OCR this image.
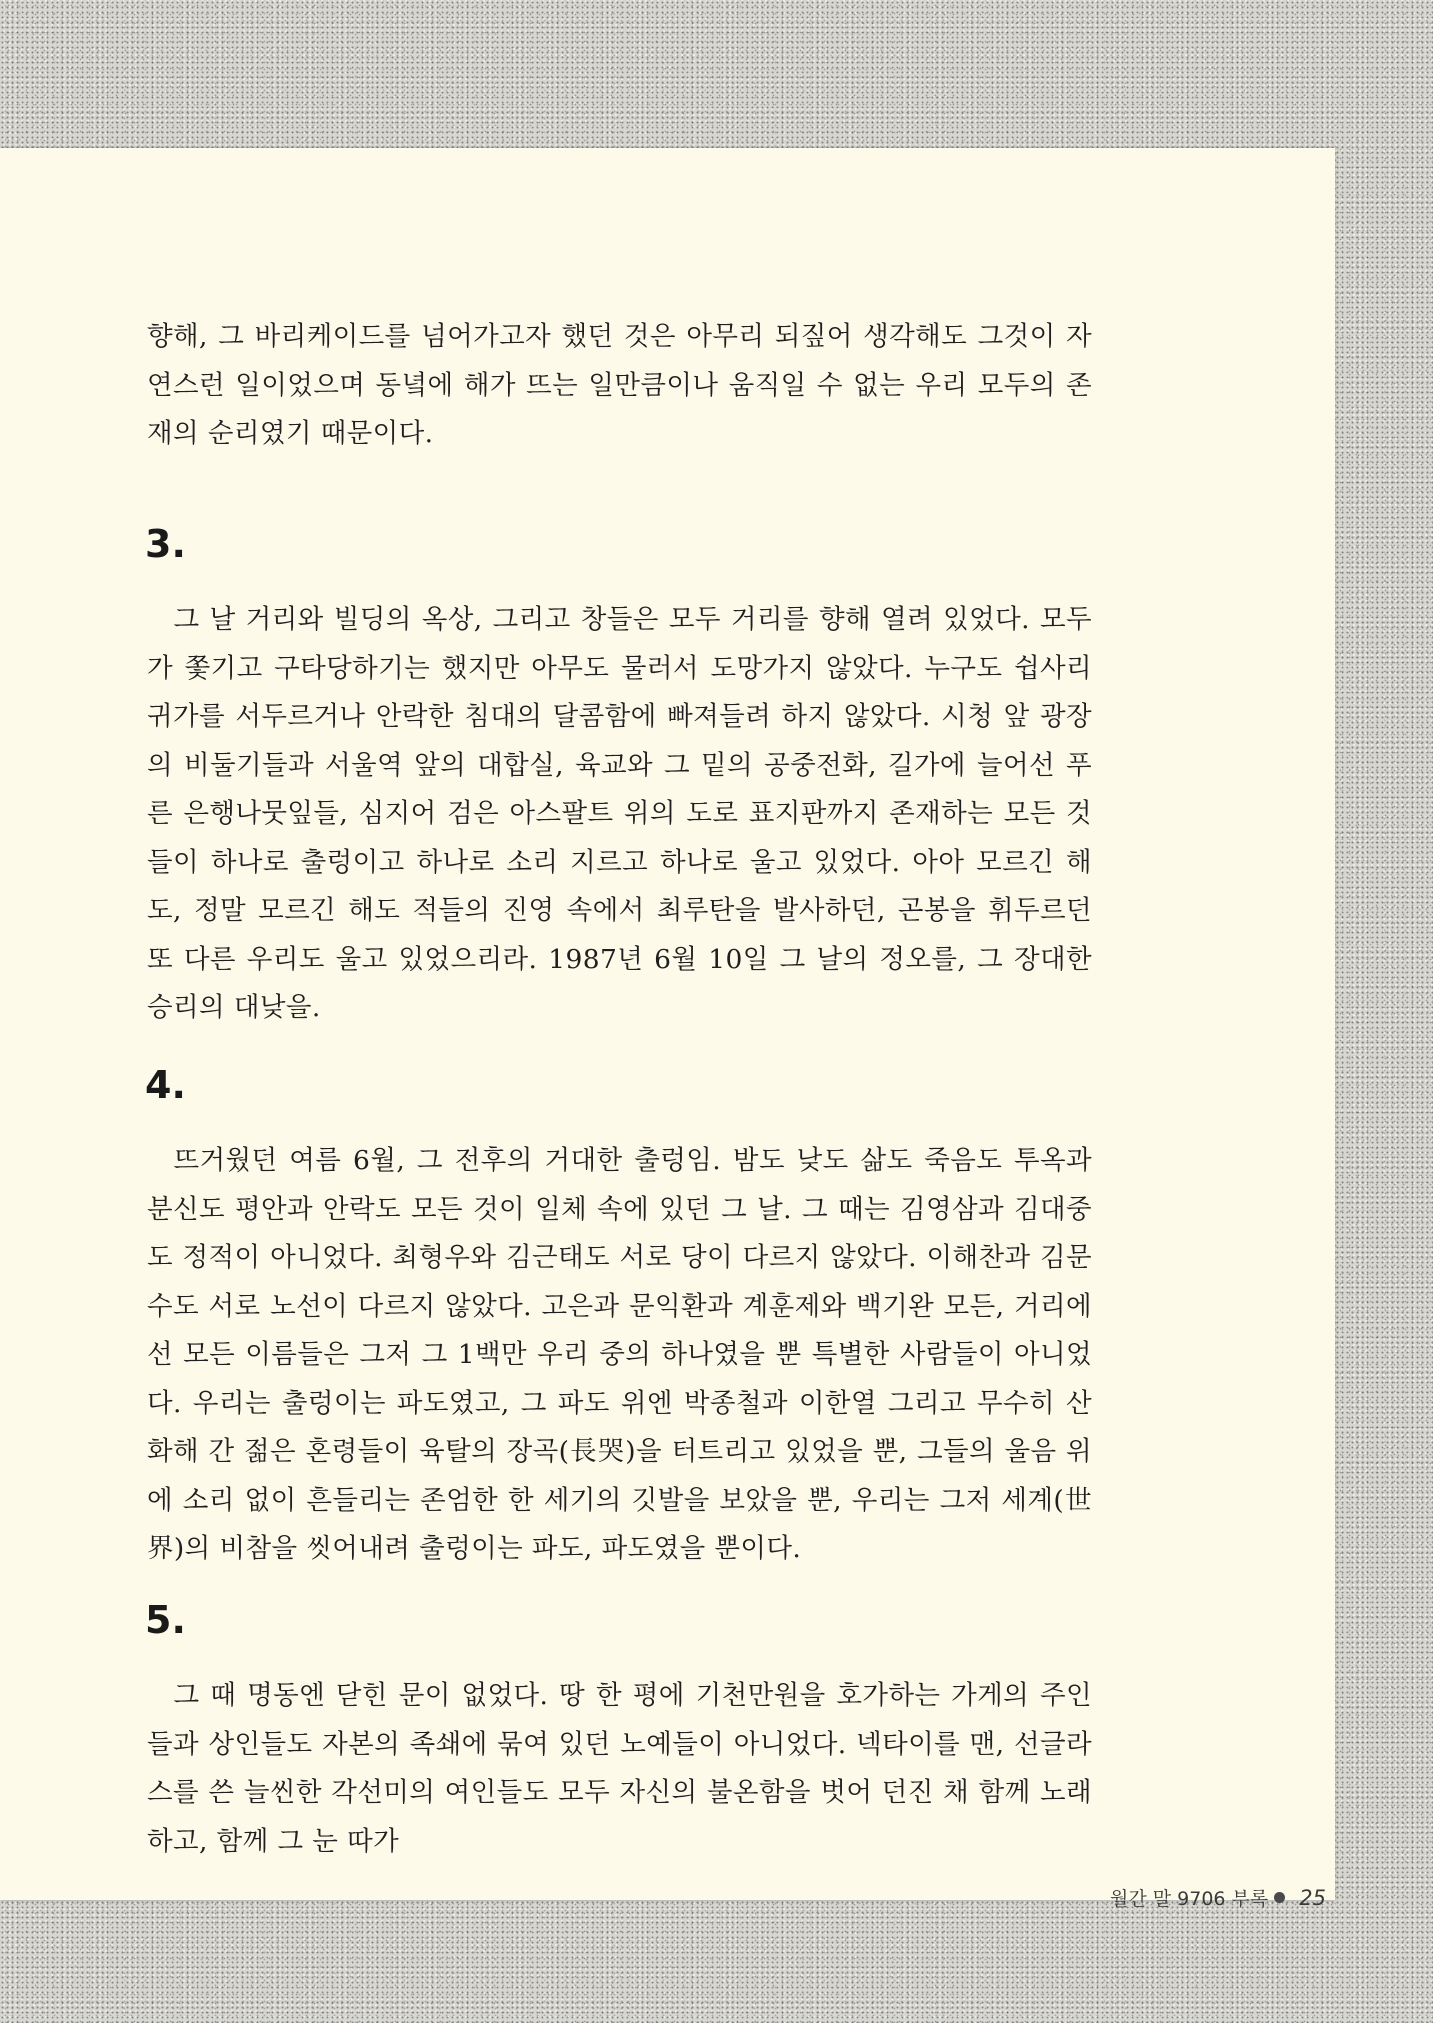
향해, 그 바리케이드를 넘어가고자 했던 것은 아무리 되짚어 생각해도 그것이 자연스런 일이었으며 동녘에 해가 뜨는 일만큼이나 움직일 수 없는 우리 모두의 존재의 순리였기 때문이다.

3.

그 날 거리와 빌딩의 옥상, 그리고 창들은 모두 거리를 향해 열려 있었다. 모두가 쫓기고 구타당하기는 했지만 아무도 물러서 도망가지 않았다. 누구도 쉽사리 귀가를 서두르거나 안락한 침대의 달콤함에 빠져들려 하지 않았다. 시청 앞 광장의 비둘기들과 서울역 앞의 대합실, 육교와 그 밑의 공중전화, 길가에 늘어선 푸른 은행나뭇잎들, 심지어 검은 아스팔트 위의 도로 표지판까지 존재하는 모든 것들이 하나로 출렁이고 하나로 소리 지르고 하나로 울고 있었다. 아아 모르긴 해도, 정말 모르긴 해도 적들의 진영 속에서 최루탄을 발사하던, 곤봉을 휘두르던 또 다른 우리도 울고 있었으리라. 1987년 6월 10일 그 날의 정오를, 그 장대한 승리의 대낮을.

4.

뜨거웠던 여름 6월, 그 전후의 거대한 출렁임. 밤도 낮도 삶도 죽음도 투옥과 분신도 평안과 안락도 모든 것이 일체 속에 있던 그 날. 그 때는 김영삼과 김대중도 정적이 아니었다. 최형우와 김근태도 서로 당이 다르지 않았다. 이해찬과 김문수도 서로 노선이 다르지 않았다. 고은과 문익환과 계훈제와 백기완 모든, 거리에 선 모든 이름들은 그저 그 1백만 우리 중의 하나였을 뿐 특별한 사람들이 아니었다. 우리는 출렁이는 파도였고, 그 파도 위엔 박종철과 이한열 그리고 무수히 산화해 간 젊은 혼령들이 육탈의 장곡(長哭)을 터트리고 있었을 뿐, 그들의 울음 위에 소리 없이 흔들리는 존엄한 한 세기의 깃발을 보았을 뿐, 우리는 그저 세계(世界)의 비참을 씻어내려 출렁이는 파도, 파도였을 뿐이다.

5.

그 때 명동엔 닫힌 문이 없었다. 땅 한 평에 기천만원을 호가하는 가게의 주인들과 상인들도 자본의 족쇄에 묶여 있던 노예들이 아니었다. 넥타이를 맨, 선글라스를 쓴 늘씬한 각선미의 여인들도 모두 자신의 불온함을 벗어 던진 채 함께 노래하고, 함께 그 눈 따가

월간 말 9706 부록 25
